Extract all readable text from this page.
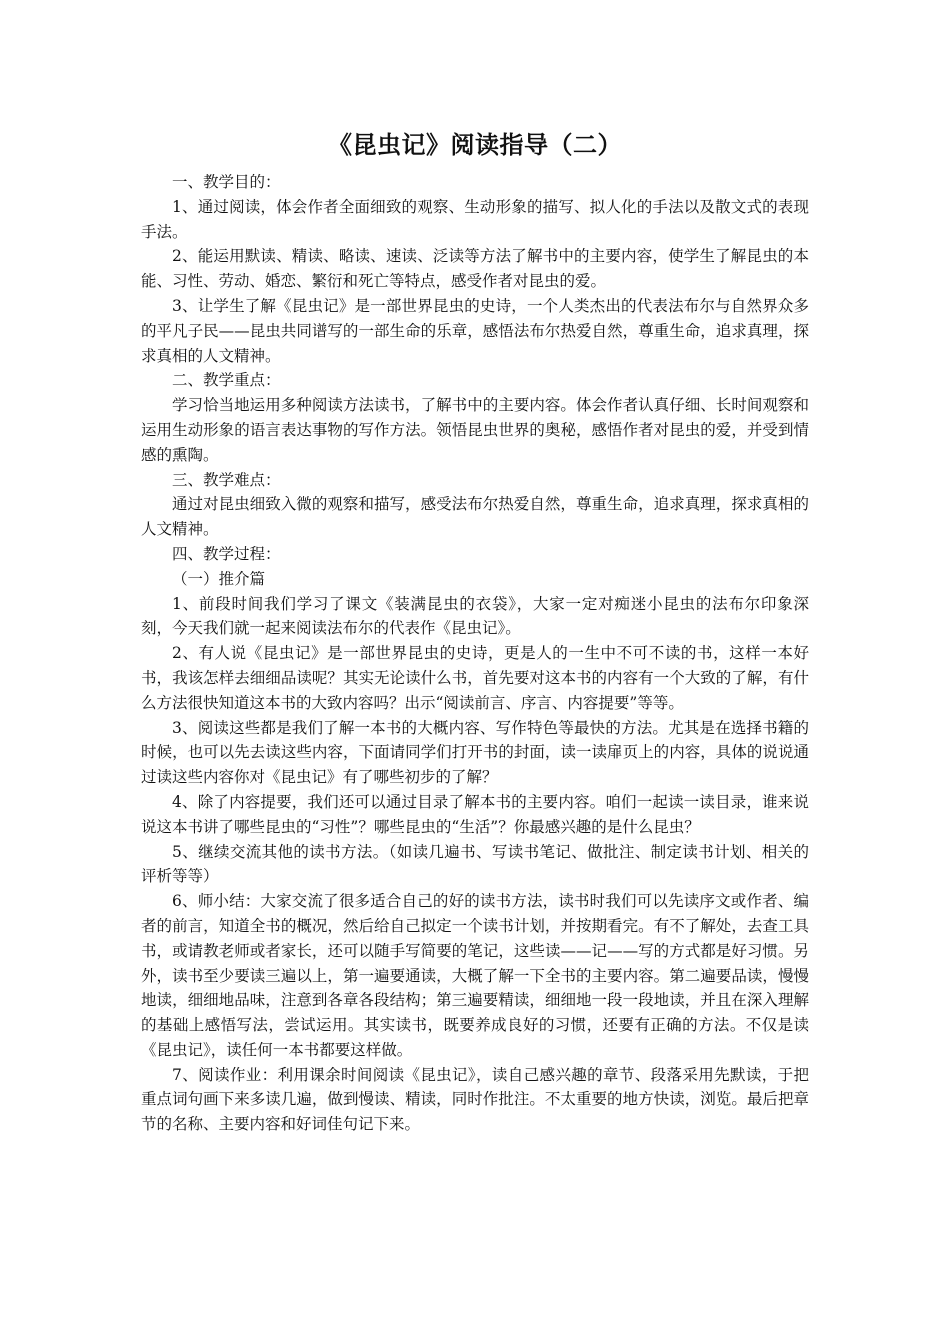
《昆虫记》阅读指导（二）

一、教学目的：

1、通过阅读，体会作者全面细致的观察、生动形象的描写、拟人化的手法以及散文式的表现手法。

2、能运用默读、精读、略读、速读、泛读等方法了解书中的主要内容，使学生了解昆虫的本能、习性、劳动、婚恋、繁衍和死亡等特点，感受作者对昆虫的爱。

3、让学生了解《昆虫记》是一部世界昆虫的史诗，一个人类杰出的代表法布尔与自然界众多的平凡子民——昆虫共同谱写的一部生命的乐章，感悟法布尔热爱自然，尊重生命，追求真理，探求真相的人文精神。

二、教学重点：

学习恰当地运用多种阅读方法读书，了解书中的主要内容。体会作者认真仔细、长时间观察和运用生动形象的语言表达事物的写作方法。领悟昆虫世界的奥秘，感悟作者对昆虫的爱，并受到情感的熏陶。

三、教学难点：

通过对昆虫细致入微的观察和描写，感受法布尔热爱自然，尊重生命，追求真理，探求真相的人文精神。

四、教学过程：

（一）推介篇

1、前段时间我们学习了课文《装满昆虫的衣袋》，大家一定对痴迷小昆虫的法布尔印象深刻，今天我们就一起来阅读法布尔的代表作《昆虫记》。

2、有人说《昆虫记》是一部世界昆虫的史诗，更是人的一生中不可不读的书，这样一本好书，我该怎样去细细品读呢？其实无论读什么书，首先要对这本书的内容有一个大致的了解，有什么方法很快知道这本书的大致内容吗？出示“阅读前言、序言、内容提要”等等。

3、阅读这些都是我们了解一本书的大概内容、写作特色等最快的方法。尤其是在选择书籍的时候，也可以先去读这些内容，下面请同学们打开书的封面，读一读扉页上的内容，具体的说说通过读这些内容你对《昆虫记》有了哪些初步的了解？

4、除了内容提要，我们还可以通过目录了解本书的主要内容。咱们一起读一读目录，谁来说说这本书讲了哪些昆虫的“习性”？哪些昆虫的“生活”？你最感兴趣的是什么昆虫？

5、继续交流其他的读书方法。（如读几遍书、写读书笔记、做批注、制定读书计划、相关的评析等等）

6、师小结：大家交流了很多适合自己的好的读书方法，读书时我们可以先读序文或作者、编者的前言，知道全书的概况，然后给自己拟定一个读书计划，并按期看完。有不了解处，去查工具书，或请教老师或者家长，还可以随手写简要的笔记，这些读——记——写的方式都是好习惯。另外，读书至少要读三遍以上，第一遍要通读，大概了解一下全书的主要内容。第二遍要品读，慢慢地读，细细地品味，注意到各章各段结构；第三遍要精读，细细地一段一段地读，并且在深入理解的基础上感悟写法，尝试运用。其实读书，既要养成良好的习惯，还要有正确的方法。不仅是读《昆虫记》，读任何一本书都要这样做。

7、阅读作业：利用课余时间阅读《昆虫记》，读自己感兴趣的章节、段落采用先默读，于把重点词句画下来多读几遍，做到慢读、精读，同时作批注。不太重要的地方快读，浏览。最后把章节的名称、主要内容和好词佳句记下来。
